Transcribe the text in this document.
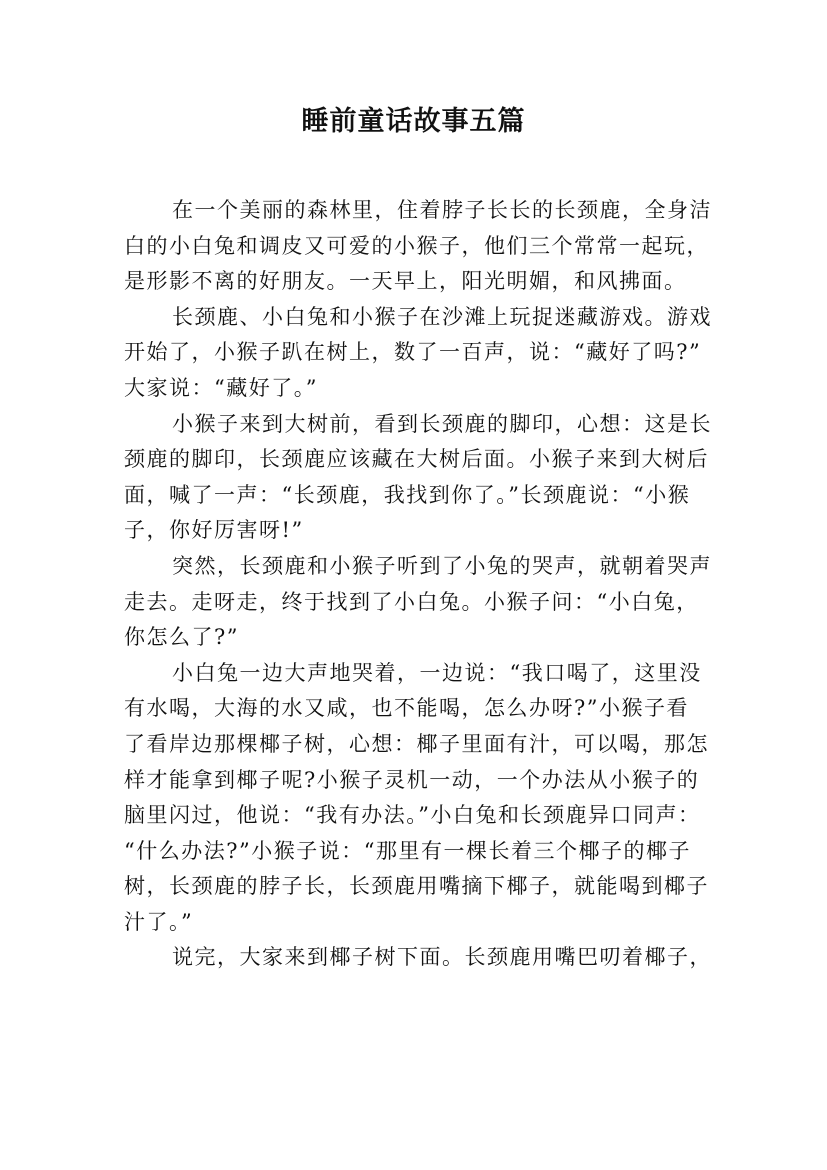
睡前童话故事五篇
在一个美丽的森林里，住着脖子长长的长颈鹿，全身洁
白的小白兔和调皮又可爱的小猴子，他们三个常常一起玩，
是形影不离的好朋友。一天早上，阳光明媚，和风拂面。
长颈鹿、小白兔和小猴子在沙滩上玩捉迷藏游戏。游戏
开始了，小猴子趴在树上，数了一百声，说：“藏好了吗?”
大家说：“藏好了。”
小猴子来到大树前，看到长颈鹿的脚印，心想：这是长
颈鹿的脚印，长颈鹿应该藏在大树后面。小猴子来到大树后
面，喊了一声：“长颈鹿，我找到你了。”长颈鹿说：“小猴
子，你好厉害呀!”
突然，长颈鹿和小猴子听到了小兔的哭声，就朝着哭声
走去。走呀走，终于找到了小白兔。小猴子问：“小白兔，
你怎么了?”
小白兔一边大声地哭着，一边说：“我口喝了，这里没
有水喝，大海的水又咸，也不能喝，怎么办呀?”小猴子看
了看岸边那棵椰子树，心想：椰子里面有汁，可以喝，那怎
样才能拿到椰子呢?小猴子灵机一动，一个办法从小猴子的
脑里闪过，他说：“我有办法。”小白兔和长颈鹿异口同声：
“什么办法?”小猴子说：“那里有一棵长着三个椰子的椰子
树，长颈鹿的脖子长，长颈鹿用嘴摘下椰子，就能喝到椰子
汁了。”
说完，大家来到椰子树下面。长颈鹿用嘴巴叨着椰子，
